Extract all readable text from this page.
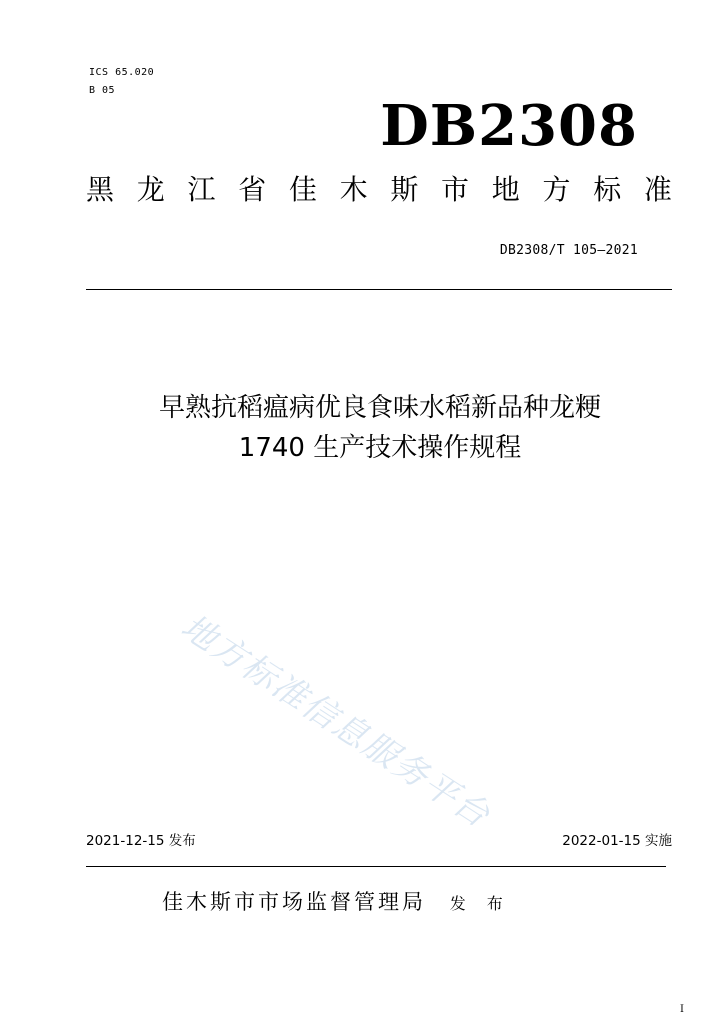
ICS 65.020
B 05
DB2308
黑 龙 江 省 佳 木 斯 市 地 方 标 准
DB2308/T 105—2021
早熟抗稻瘟病优良食味水稻新品种龙粳
1740 生产技术操作规程
地方标准信息服务平台
2021-12-15 发布	2022-01-15 实施
佳木斯市市场监督管理局 发 布
I
